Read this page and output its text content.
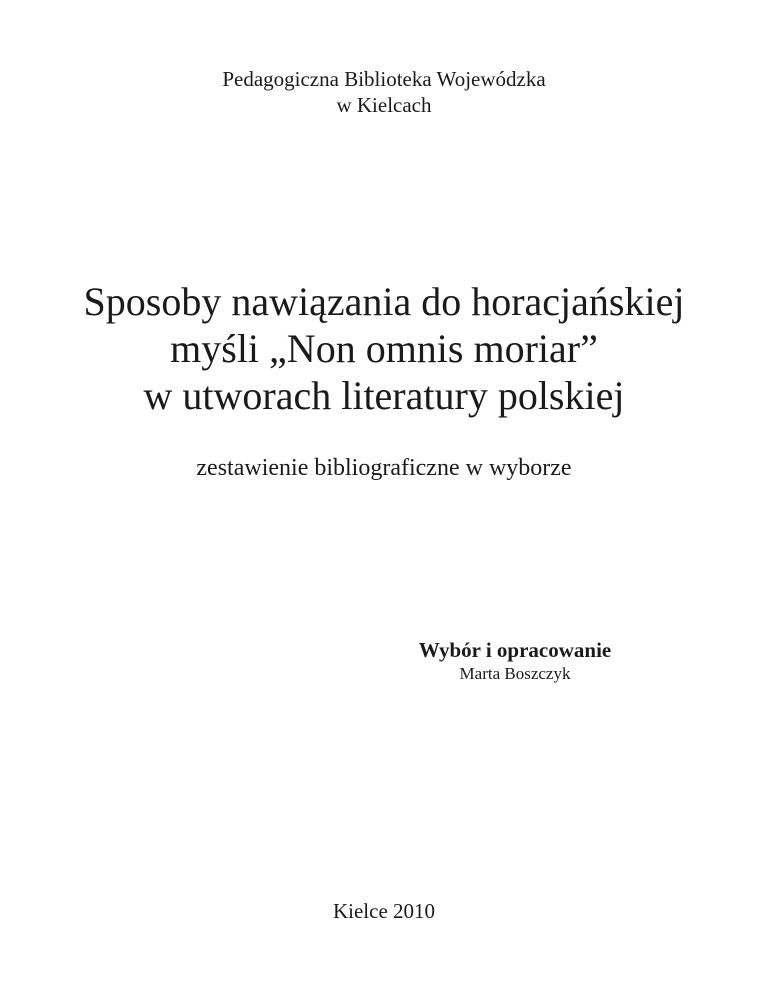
Pedagogiczna Biblioteka Wojewódzka
w Kielcach
Sposoby nawiązania do horacjańskiej
myśli „Non omnis moriar”
w utworach literatury polskiej
zestawienie bibliograficzne w wyborze
Wybór i opracowanie
Marta Boszczyk
Kielce 2010
